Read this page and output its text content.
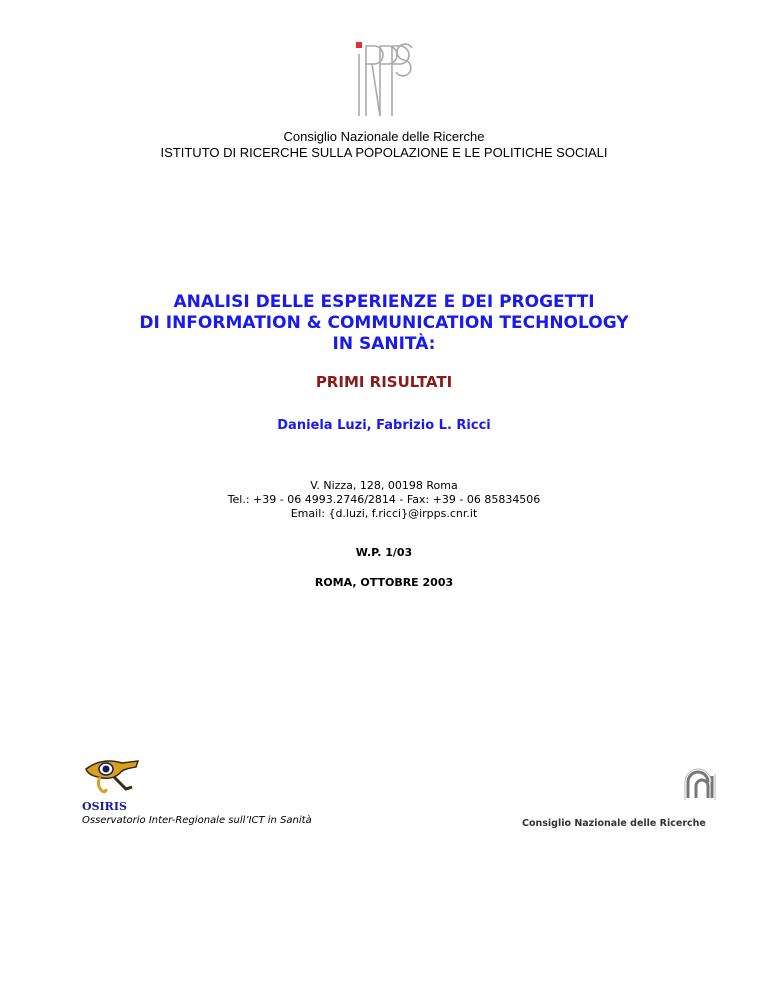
Consiglio Nazionale delle Ricerche
ISTITUTO DI RICERCHE SULLA POPOLAZIONE E LE POLITICHE SOCIALI
ANALISI DELLE ESPERIENZE E DEI PROGETTI
DI INFORMATION & COMMUNICATION TECHNOLOGY
IN SANITÀ:
PRIMI RISULTATI
Daniela Luzi, Fabrizio L. Ricci
V. Nizza, 128, 00198 Roma
Tel.: +39 - 06 4993.2746/2814 - Fax: +39 - 06 85834506
Email: {d.luzi, f.ricci}@irpps.cnr.it
W.P. 1/03
ROMA, OTTOBRE 2003
OSIRIS
Osservatorio Inter-Regionale sull’ICT in Sanità	Consiglio Nazionale delle Ricerche
